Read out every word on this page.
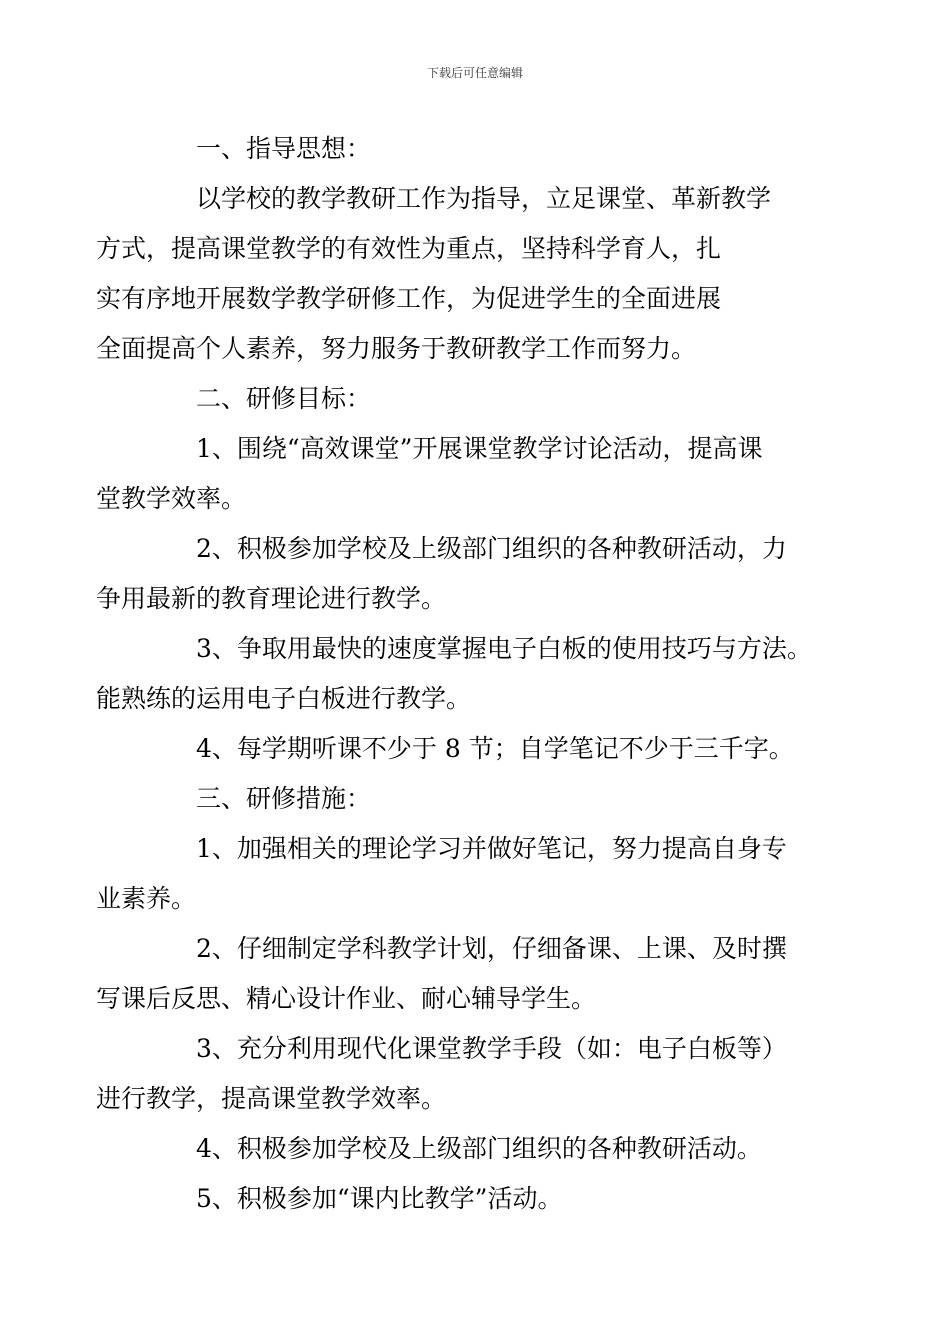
下载后可任意编辑

一、指导思想：

以学校的教学教研工作为指导，立足课堂、革新教学
方式，提高课堂教学的有效性为重点，坚持科学育人，扎
实有序地开展数学教学研修工作，为促进学生的全面进展
全面提高个人素养，努力服务于教研教学工作而努力。

二、研修目标：

1、围绕“高效课堂”开展课堂教学讨论活动，提高课
堂教学效率。

2、积极参加学校及上级部门组织的各种教研活动，力
争用最新的教育理论进行教学。

3、争取用最快的速度掌握电子白板的使用技巧与方法。
能熟练的运用电子白板进行教学。

4、每学期听课不少于 8 节；自学笔记不少于三千字。

三、研修措施：

1、加强相关的理论学习并做好笔记，努力提高自身专
业素养。

2、仔细制定学科教学计划，仔细备课、上课、及时撰
写课后反思、精心设计作业、耐心辅导学生。

3、充分利用现代化课堂教学手段（如：电子白板等）
进行教学，提高课堂教学效率。

4、积极参加学校及上级部门组织的各种教研活动。

5、积极参加“课内比教学”活动。
